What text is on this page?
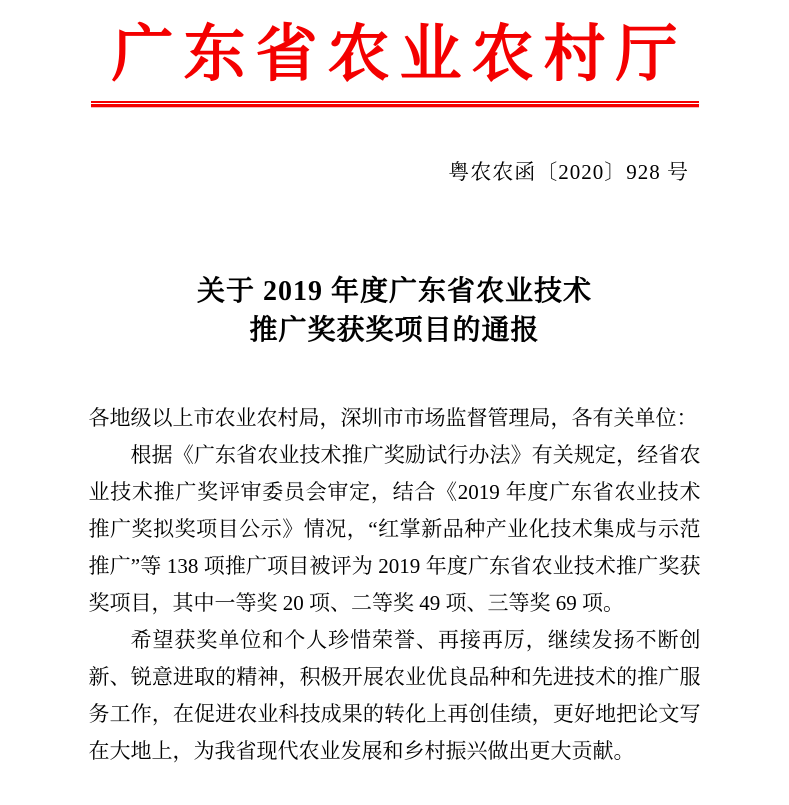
广东省农业农村厅
粤农农函〔2020〕928 号
关于 2019 年度广东省农业技术
推广奖获奖项目的通报

各地级以上市农业农村局，深圳市市场监督管理局，各有关单位：

根据《广东省农业技术推广奖励试行办法》有关规定，经省农业技术推广奖评审委员会审定，结合《2019 年度广东省农业技术推广奖拟奖项目公示》情况，“红掌新品种产业化技术集成与示范推广”等 138 项推广项目被评为 2019 年度广东省农业技术推广奖获奖项目，其中一等奖 20 项、二等奖 49 项、三等奖 69 项。

希望获奖单位和个人珍惜荣誉、再接再厉，继续发扬不断创新、锐意进取的精神，积极开展农业优良品种和先进技术的推广服务工作，在促进农业科技成果的转化上再创佳绩，更好地把论文写在大地上，为我省现代农业发展和乡村振兴做出更大贡献。
